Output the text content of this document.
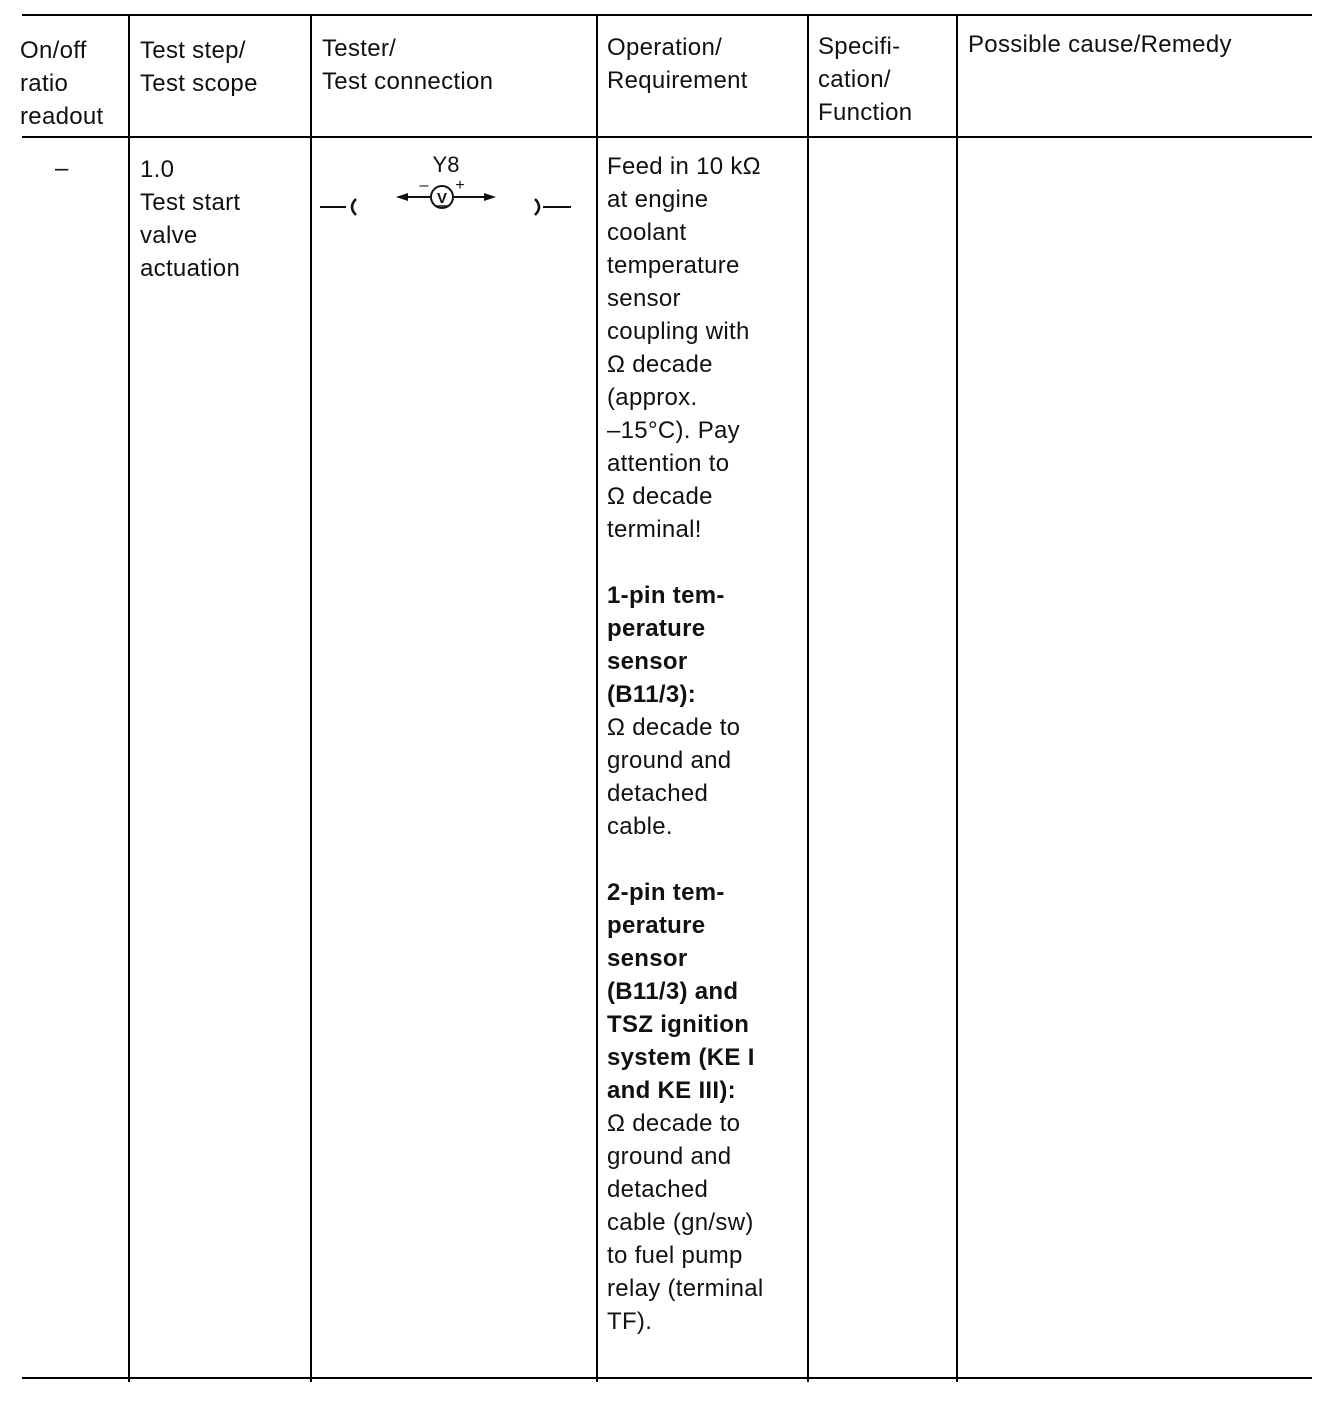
On/off
ratio
readout
Test step/
Test scope
Tester/
Test connection
Operation/
Requirement
Specifi-
cation/
Function
Possible cause/Remedy
–	1.0
Test start
valve
actuation
Y8
V
– +
Feed in 10 kΩ
at engine
coolant
temperature
sensor
coupling with
Ω decade
(approx.
–15°C). Pay
attention to
Ω decade
terminal!
1-pin tem-
perature
sensor
(B11/3):
Ω decade to
ground and
detached
cable.
2-pin tem-
perature
sensor
(B11/3) and
TSZ ignition
system (KE I
and KE III):
Ω decade to
ground and
detached
cable (gn/sw)
to fuel pump
relay (terminal
TF).
